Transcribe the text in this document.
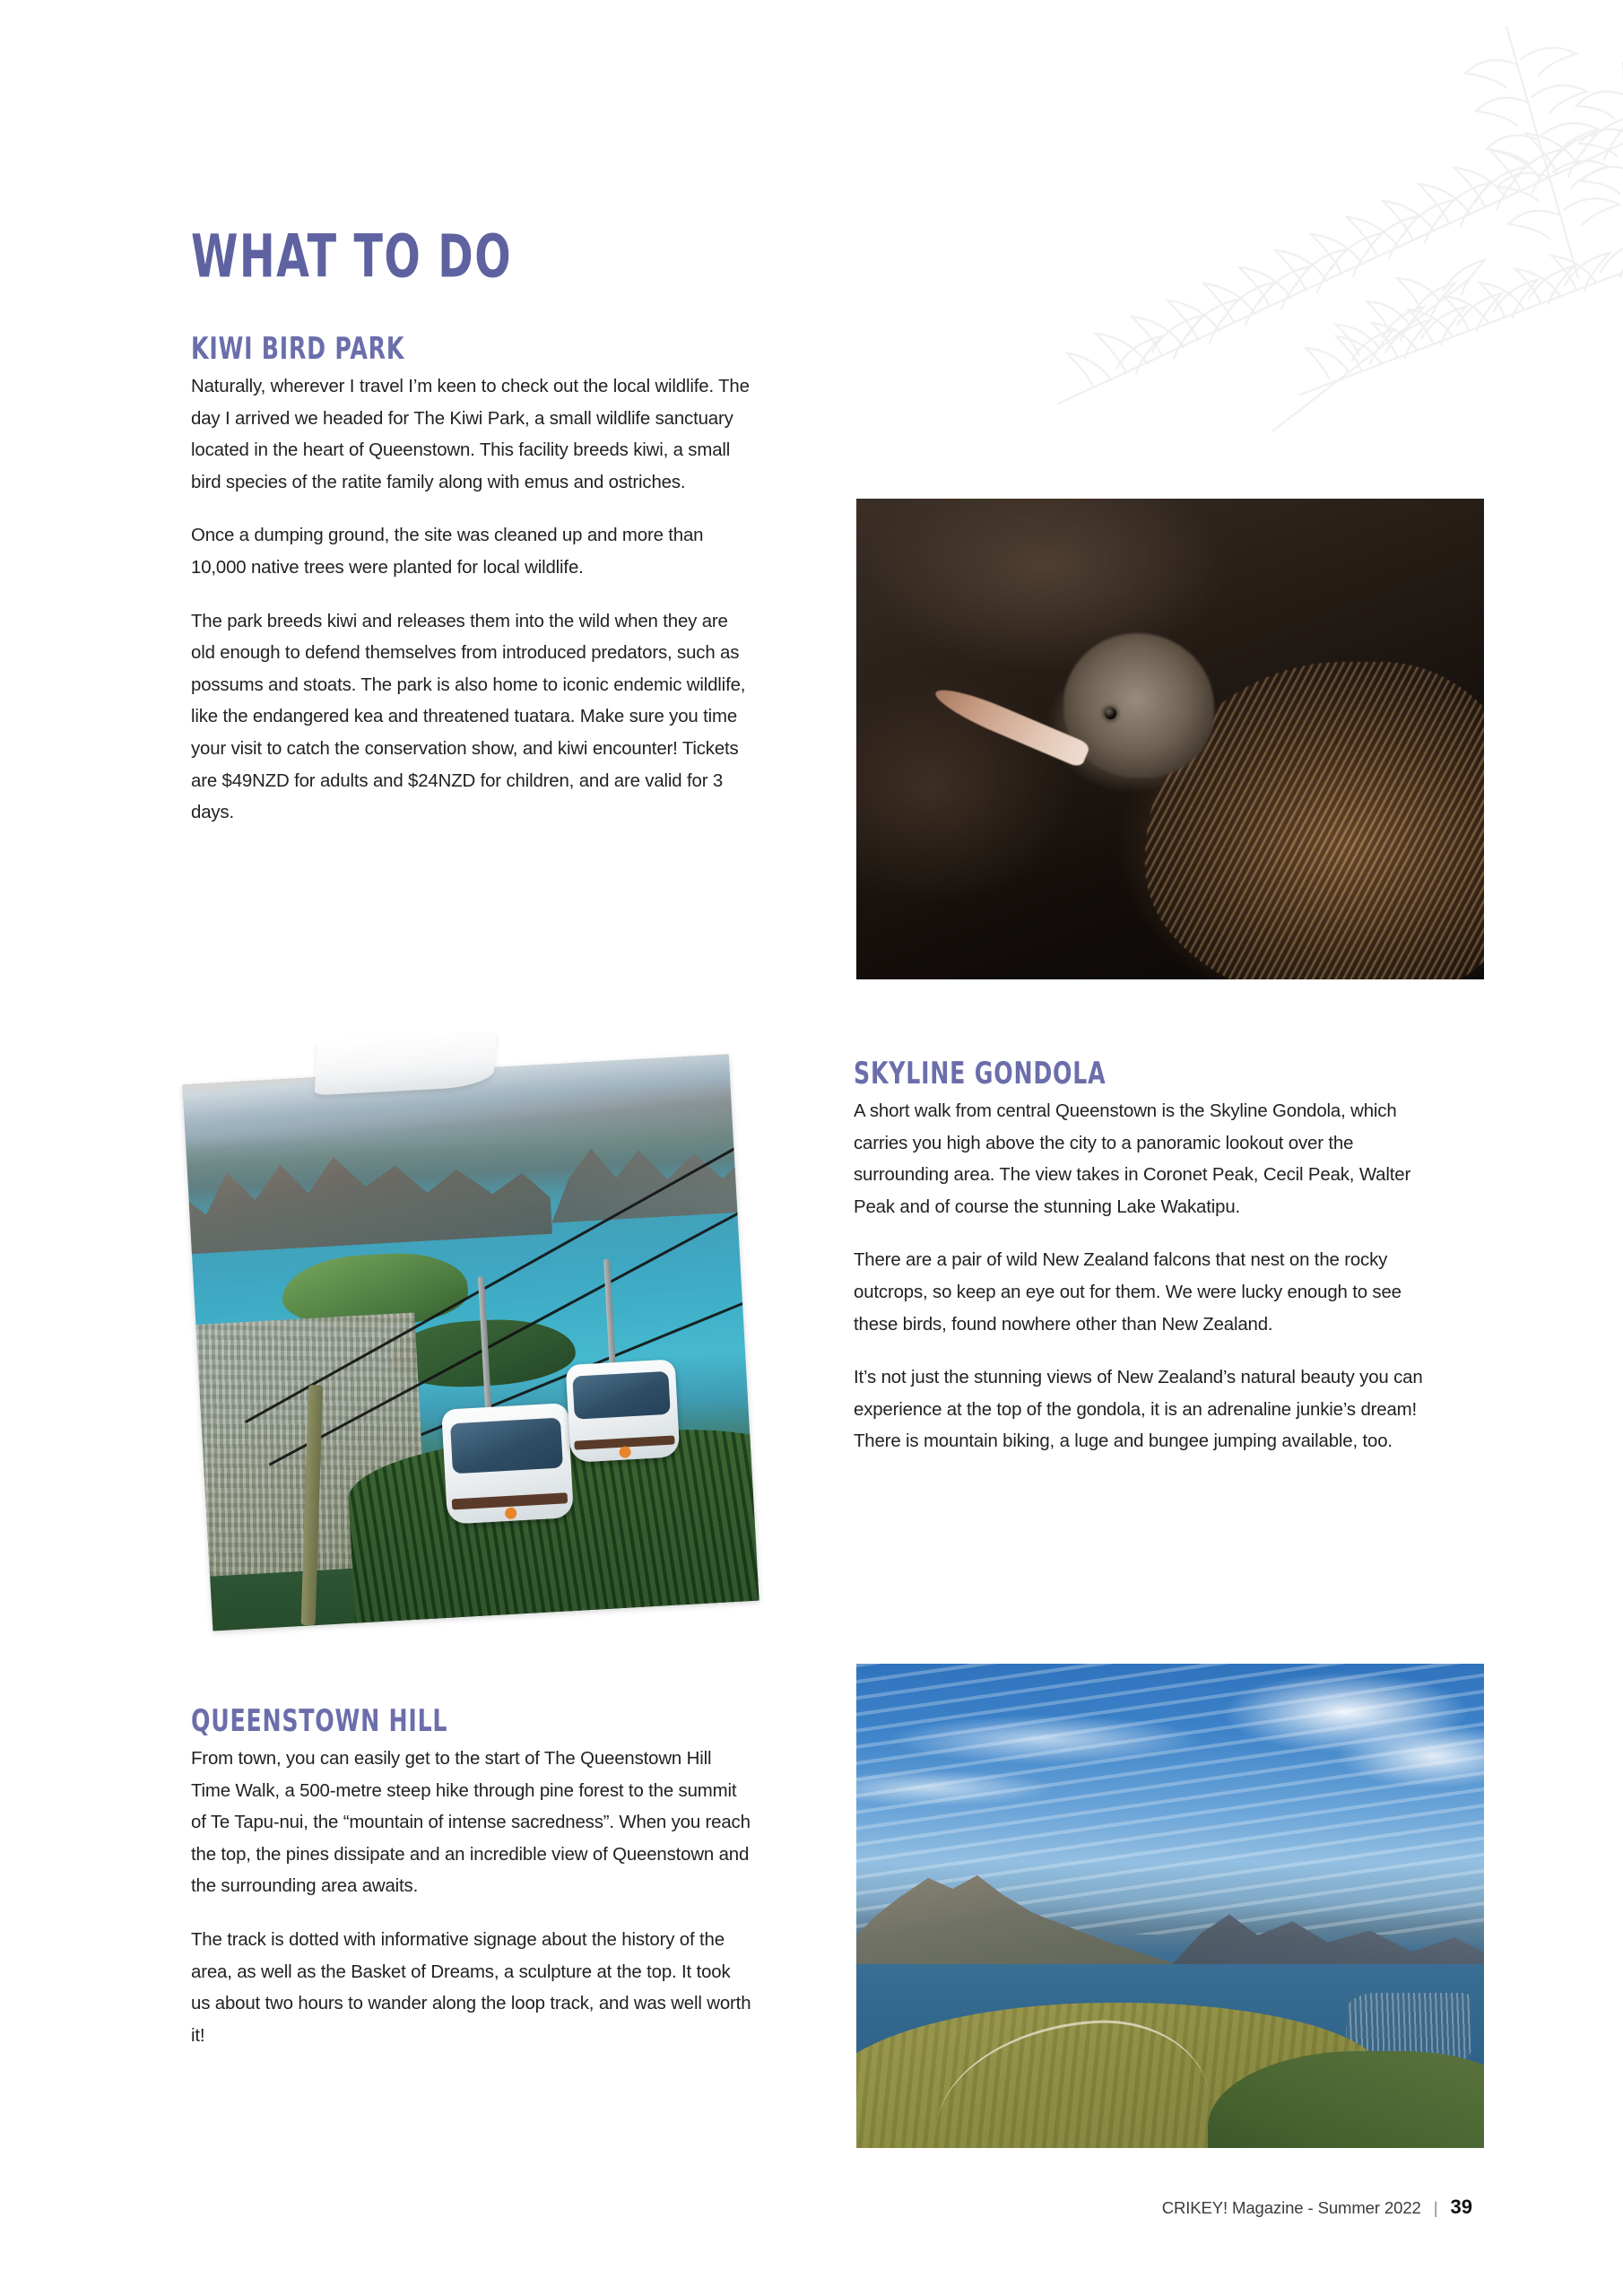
WHAT TO DO
KIWI BIRD PARK

Naturally, wherever I travel I’m keen to check out the local wildlife. The day I arrived we headed for The Kiwi Park, a small wildlife sanctuary located in the heart of Queenstown. This facility breeds kiwi, a small bird species of the ratite family along with emus and ostriches.

Once a dumping ground, the site was cleaned up and more than 10,000 native trees were planted for local wildlife.

The park breeds kiwi and releases them into the wild when they are old enough to defend themselves from introduced predators, such as possums and stoats. The park is also home to iconic endemic wildlife, like the endangered kea and threatened tuatara. Make sure you time your visit to catch the conservation show, and kiwi encounter! Tickets are $49NZD for adults and $24NZD for children, and are valid for 3 days.

QUEENSTOWN HILL

From town, you can easily get to the start of The Queenstown Hill Time Walk, a 500-metre steep hike through pine forest to the summit of Te Tapu-nui, the “mountain of intense sacredness”. When you reach the top, the pines dissipate and an incredible view of Queenstown and the surrounding area awaits.

The track is dotted with informative signage about the history of the area, as well as the Basket of Dreams, a sculpture at the top. It took us about two hours to wander along the loop track, and was well worth it!

SKYLINE GONDOLA

A short walk from central Queenstown is the Skyline Gondola, which carries you high above the city to a panoramic lookout over the surrounding area. The view takes in Coronet Peak, Cecil Peak, Walter Peak and of course the stunning Lake Wakatipu.

There are a pair of wild New Zealand falcons that nest on the rocky outcrops, so keep an eye out for them. We were lucky enough to see these birds, found nowhere other than New Zealand.

It’s not just the stunning views of New Zealand’s natural beauty you can experience at the top of the gondola, it is an adrenaline junkie’s dream! There is mountain biking, a luge and bungee jumping available, too.

CRIKEY! Magazine - Summer 2022 | 39
